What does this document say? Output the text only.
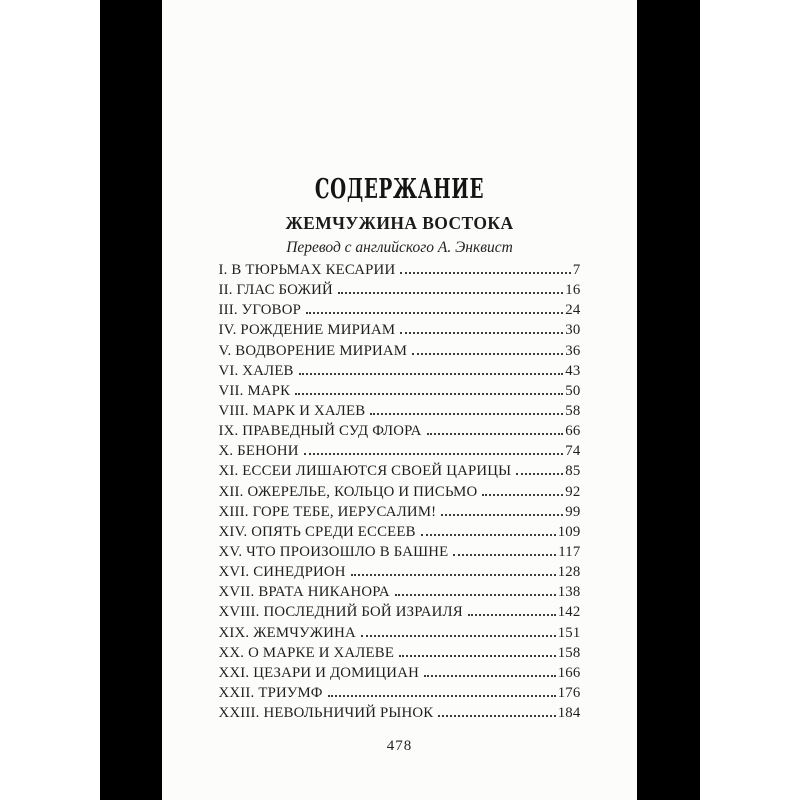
СОДЕРЖАНИЕ
ЖЕМЧУЖИНА ВОСТОКА
Перевод с английского А. Энквист
I. В ТЮРЬМАХ КЕСАРИИ	7
II. ГЛАС БОЖИЙ	16
III. УГОВОР	24
IV. РОЖДЕНИЕ МИРИАМ	30
V. ВОДВОРЕНИЕ МИРИАМ	36
VI. ХАЛЕВ	43
VII. МАРК	50
VIII. МАРК И ХАЛЕВ	58
IX. ПРАВЕДНЫЙ СУД ФЛОРА	66
X. БЕНОНИ	74
XI. ЕССЕИ ЛИШАЮТСЯ СВОЕЙ ЦАРИЦЫ	85
XII. ОЖЕРЕЛЬЕ, КОЛЬЦО И ПИСЬМО	92
XIII. ГОРЕ ТЕБЕ, ИЕРУСАЛИМ!	99
XIV. ОПЯТЬ СРЕДИ ЕССЕЕВ	109
XV. ЧТО ПРОИЗОШЛО В БАШНЕ	117
XVI. СИНЕДРИОН	128
XVII. ВРАТА НИКАНОРА	138
XVIII. ПОСЛЕДНИЙ БОЙ ИЗРАИЛЯ	142
XIX. ЖЕМЧУЖИНА	151
XX. О МАРКЕ И ХАЛЕВЕ	158
XXI. ЦЕЗАРИ И ДОМИЦИАН	166
XXII. ТРИУМФ	176
XXIII. НЕВОЛЬНИЧИЙ РЫНОК	184
478
